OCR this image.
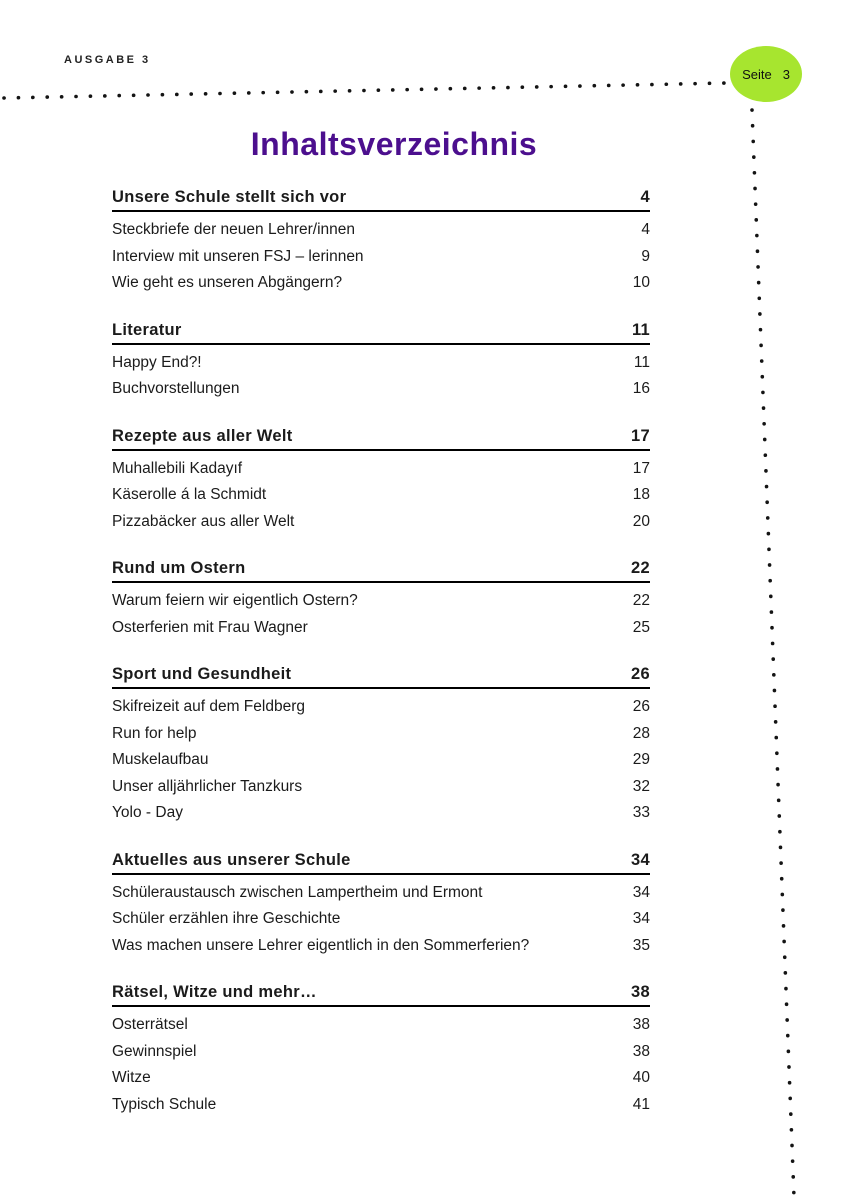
AUSGABE 3
Seite 3
Inhaltsverzeichnis
Unsere Schule stellt sich vor	4
Steckbriefe der neuen Lehrer/innen	4
Interview mit unseren FSJ – lerinnen	9
Wie geht es unseren Abgängern?	10
Literatur	11
Happy End?!	11
Buchvorstellungen	16
Rezepte aus aller Welt	17
Muhallebili Kadayıf	17
Käserolle á la Schmidt	18
Pizzabäcker aus aller Welt	20
Rund um Ostern	22
Warum feiern wir eigentlich Ostern?	22
Osterferien mit Frau Wagner	25
Sport und Gesundheit	26
Skifreizeit auf dem Feldberg	26
Run for help	28
Muskelaufbau	29
Unser alljährlicher Tanzkurs	32
Yolo - Day	33
Aktuelles aus unserer Schule	34
Schüleraustausch zwischen Lampertheim und Ermont	34
Schüler erzählen ihre Geschichte	34
Was machen unsere Lehrer eigentlich in den Sommerferien?	35
Rätsel, Witze und mehr…	38
Osterrätsel	38
Gewinnspiel	38
Witze	40
Typisch Schule	41
